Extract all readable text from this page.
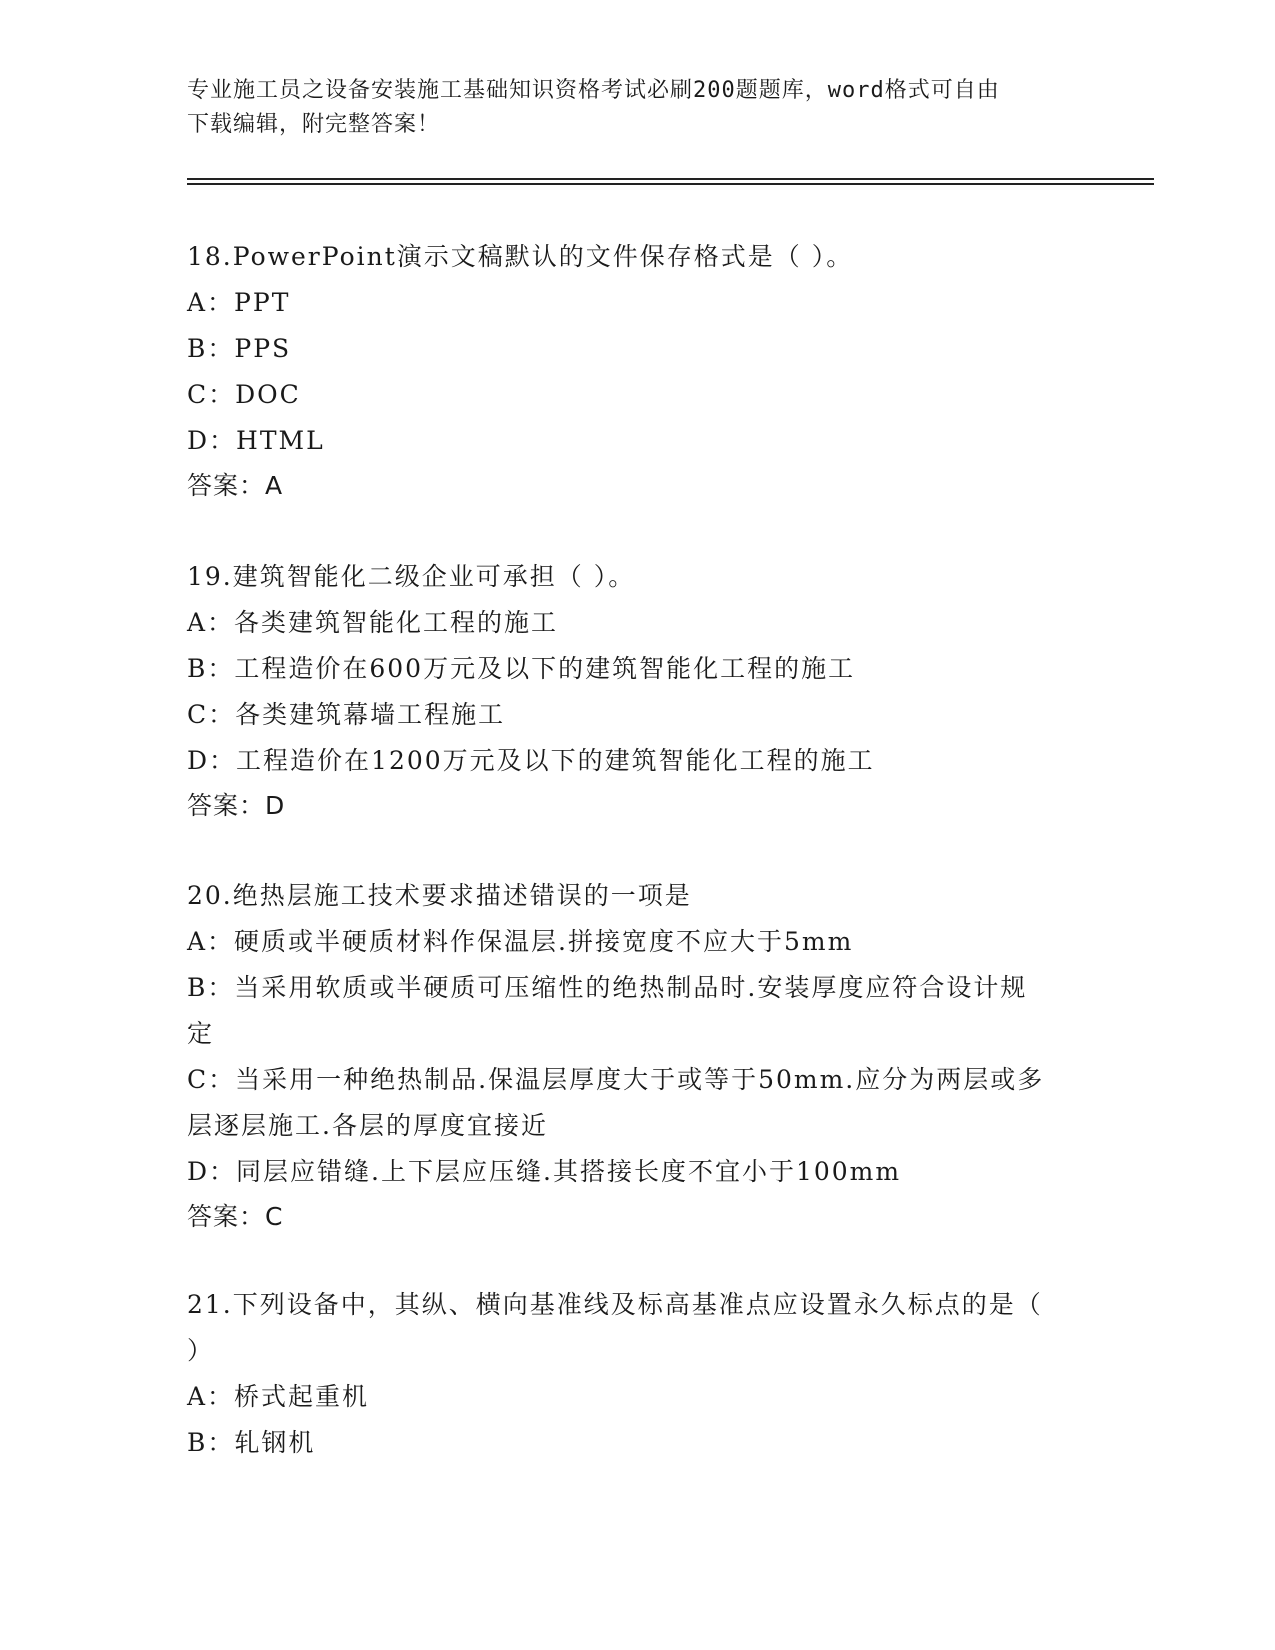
专业施工员之设备安装施工基础知识资格考试必刷200题题库，word格式可自由
下载编辑，附完整答案！
18.PowerPoint演示文稿默认的文件保存格式是（ ）。
A：PPT
B：PPS
C：DOC
D：HTML
答案：A
19.建筑智能化二级企业可承担（ ）。
A：各类建筑智能化工程的施工
B：工程造价在600万元及以下的建筑智能化工程的施工
C：各类建筑幕墙工程施工
D：工程造价在1200万元及以下的建筑智能化工程的施工
答案：D
20.绝热层施工技术要求描述错误的一项是
A：硬质或半硬质材料作保温层.拼接宽度不应大于5mm
B：当采用软质或半硬质可压缩性的绝热制品时.安装厚度应符合设计规定
C：当采用一种绝热制品.保温层厚度大于或等于50mm.应分为两层或多层逐层施工.各层的厚度宜接近
D：同层应错缝.上下层应压缝.其搭接长度不宜小于100mm
答案：C
21.下列设备中，其纵、横向基准线及标高基准点应设置永久标点的是（ ）
A：桥式起重机
B：轧钢机
